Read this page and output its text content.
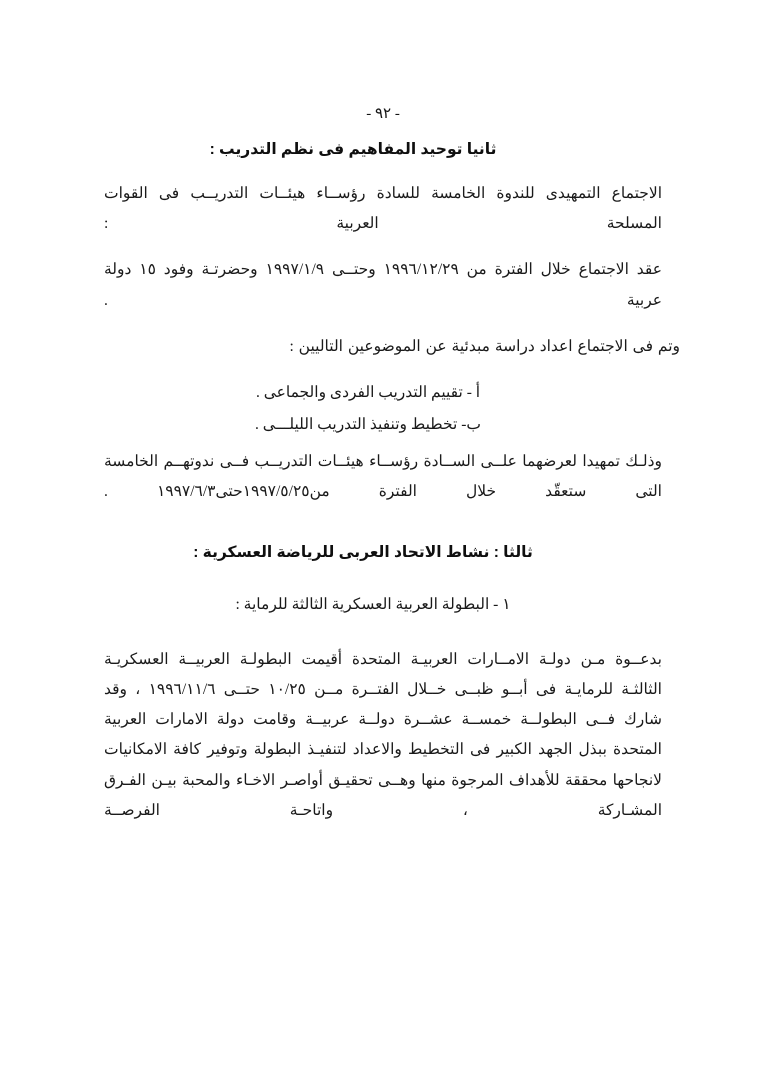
- ٩٢ -
ثانيا توحيد المفاهيم فى نظم التدريب :
الاجتماع التمهيدى للندوة الخامسة للسادة رؤســاء هيئــات التدريــب فى القوات المسلحة العربية :
عقد الاجتماع خلال الفترة من ١٩٩٦/١٢/٢٩ وحتــى ١٩٩٧/١/٩ وحضرتـة وفود ١٥ دولة عربية .
وتم فى الاجتماع اعداد دراسة مبدئية عن الموضوعين التاليين :
أ - تقييم التدريب الفردى والجماعى .
ب- تخطيط وتنفيذ التدريب الليلـــى .
وذلـك تمهيدا لعرضهما علــى الســادة رؤســاء هيئــات التدريــب فــى ندوتهــم الخامسة التى ستعقّد خلال الفترة من١٩٩٧/٥/٢٥حتى١٩٩٧/٦/٣ .
ثالثا : نشاط الاتحاد العربى للرياضة العسكرية :
١ - البطولة العربية العسكرية الثالثة للرماية :
بدعــوة مـن دولـة الامــارات العربيـة المتحدة أقيمت البطولـة العربيــة العسكريـة الثالثـة للرمايـة فى أبــو ظبــى خــلال الفتــرة مــن ١٠/٢٥ حتــى ١٩٩٦/١١/٦ ، وقد شارك فــى البطولــة خمســة عشــرة دولــة عربيــة وقامت دولة الامارات العربية المتحدة ببذل الجهد الكبير فى التخطيط والاعداد لتنفيـذ البطولة وتوفير كافة الامكانيات لانجاحها محققة للأهداف المرجوة منها وهــى تحقيـق أواصـر الاخـاء والمحبة بيـن الفـرق المشـاركة ، واتاحـة الفرصــة
